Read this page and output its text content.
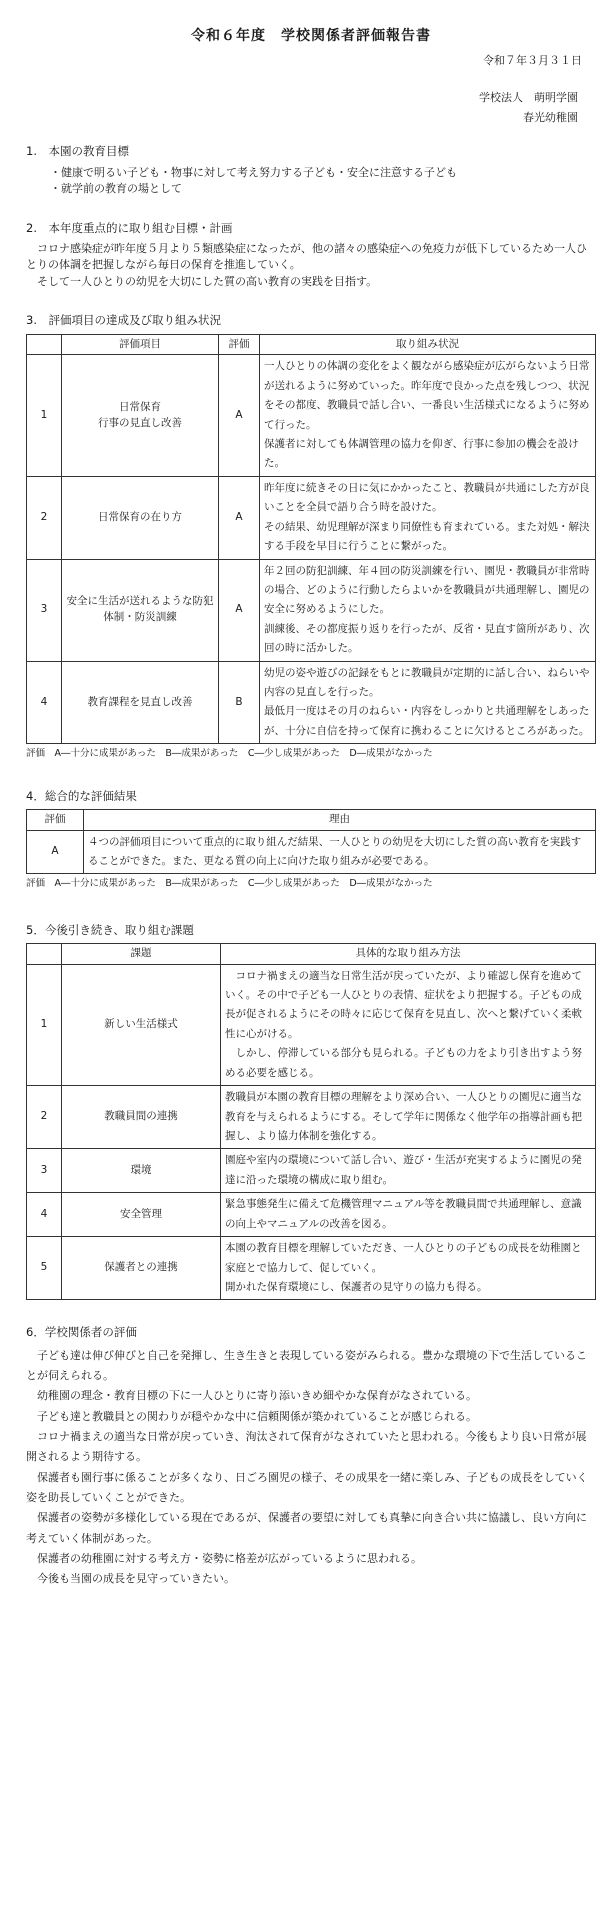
令和６年度　学校関係者評価報告書
令和７年３月３１日
学校法人　萌明学園
春光幼稚園
1.　本園の教育目標

・健康で明るい子ども・物事に対して考え努力する子ども・安全に注意する子ども

・就学前の教育の場として

2.　本年度重点的に取り組む目標・計画

コロナ感染症が昨年度５月より５類感染症になったが、他の諸々の感染症への免疫力が低下しているため一人ひとりの体調を把握しながら毎日の保育を推進していく。

そして一人ひとりの幼児を大切にした質の高い教育の実践を目指す。

3.　評価項目の達成及び取り組み状況
	評価項目	評価	取り組み状況
1	日常保育
行事の見直し改善	A	一人ひとりの体調の変化をよく観ながら感染症が広がらないよう日常が送れるように努めていった。昨年度で良かった点を残しつつ、状況をその都度、教職員で話し合い、一番良い生活様式になるように努めて行った。
保護者に対しても体調管理の協力を仰ぎ、行事に参加の機会を設けた。
2	日常保育の在り方	A	昨年度に続きその日に気にかかったこと、教職員が共通にした方が良いことを全員で語り合う時を設けた。
その結果、幼児理解が深まり同僚性も育まれている。また対処・解決する手段を早目に行うことに繋がった。
3	安全に生活が送れるような防犯体制・防災訓練	A	年２回の防犯訓練、年４回の防災訓練を行い、園児・教職員が非常時の場合、どのように行動したらよいかを教職員が共通理解し、園児の安全に努めるようにした。
訓練後、その都度振り返りを行ったが、反省・見直す箇所があり、次回の時に活かした。
4	教育課程を見直し改善	B	幼児の姿や遊びの記録をもとに教職員が定期的に話し合い、ねらいや内容の見直しを行った。
最低月一度はその月のねらい・内容をしっかりと共通理解をしあったが、十分に自信を持って保育に携わることに欠けるところがあった。

評価　A―十分に成果があった　B―成果があった　C―少し成果があった　D―成果がなかった

4．総合的な評価結果
評価	理由
A	４つの評価項目について重点的に取り組んだ結果、一人ひとりの幼児を大切にした質の高い教育を実践することができた。また、更なる質の向上に向けた取り組みが必要である。

評価　A―十分に成果があった　B―成果があった　C―少し成果があった　D―成果がなかった

5．今後引き続き、取り組む課題
	課題	具体的な取り組み方法
1	新しい生活様式	　コロナ禍まえの適当な日常生活が戻っていたが、より確認し保育を進めていく。その中で子ども一人ひとりの表情、症状をより把握する。子どもの成長が促されるようにその時々に応じて保育を見直し、次へと繋げていく柔軟性に心がける。
　しかし、停滞している部分も見られる。子どもの力をより引き出すよう努める必要を感じる。
2	教職員間の連携	教職員が本園の教育目標の理解をより深め合い、一人ひとりの園児に適当な教育を与えられるようにする。そして学年に関係なく他学年の指導計画も把握し、より協力体制を強化する。
3	環境	園庭や室内の環境について話し合い、遊び・生活が充実するように園児の発達に沿った環境の構成に取り組む。
4	安全管理	緊急事態発生に備えて危機管理マニュアル等を教職員間で共通理解し、意識の向上やマニュアルの改善を図る。
5	保護者との連携	本園の教育目標を理解していただき、一人ひとりの子どもの成長を幼稚園と家庭とで協力して、促していく。
開かれた保育環境にし、保護者の見守りの協力も得る。
6．学校関係者の評価

子ども達は伸び伸びと自己を発揮し、生き生きと表現している姿がみられる。豊かな環境の下で生活していることが伺えられる。

幼稚園の理念・教育目標の下に一人ひとりに寄り添いきめ細やかな保育がなされている。

子ども達と教職員との関わりが穏やかな中に信頼関係が築かれていることが感じられる。

コロナ禍まえの適当な日常が戻っていき、洵汰されて保育がなされていたと思われる。今後もより良い日常が展開されるよう期待する。

保護者も園行事に係ることが多くなり、日ごろ園児の様子、その成果を一緒に楽しみ、子どもの成長をしていく姿を助長していくことができた。

保護者の姿勢が多様化している現在であるが、保護者の要望に対しても真摯に向き合い共に協議し、良い方向に考えていく体制があった。

保護者の幼稚園に対する考え方・姿勢に格差が広がっているように思われる。

今後も当園の成長を見守っていきたい。
